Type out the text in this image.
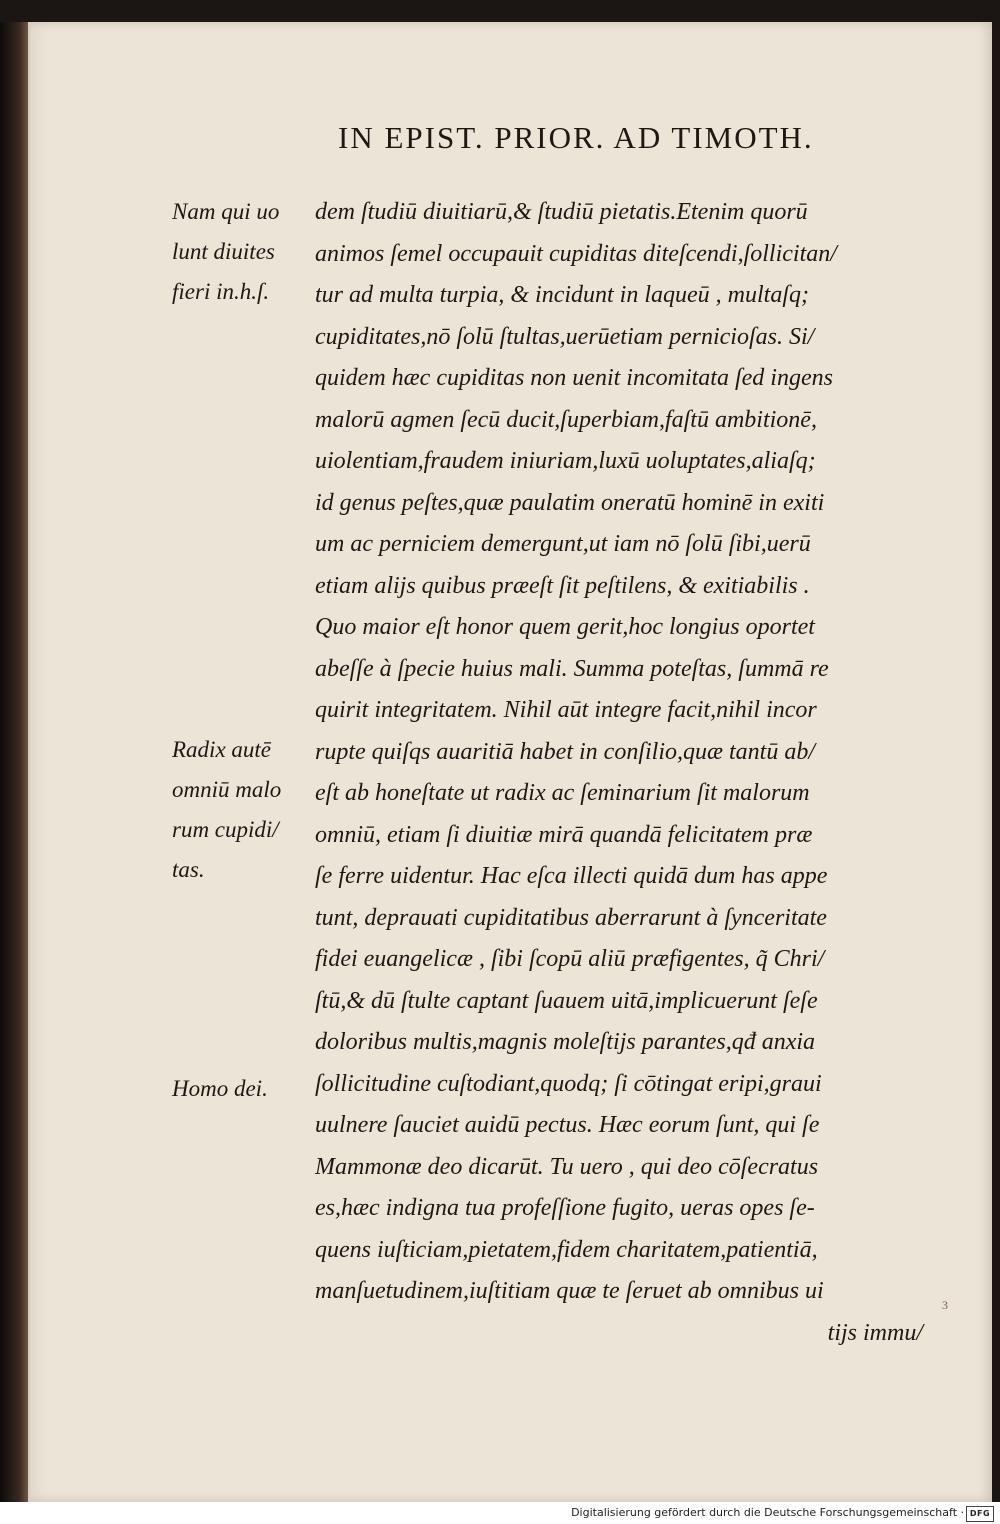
IN EPIST. PRIOR. AD TIMOTH.
Nam qui uo
lunt diuites
fieri in.h.ſ.
Radix autē
omniū malo
rum cupidi/
tas.
Homo dei.
dem ſtudiū diuitiarū,& ſtudiū pietatis.Etenim quorū
animos ſemel occupauit cupiditas diteſcendi,ſollicitan/
tur ad multa turpia, & incidunt in laqueū , multaſq;
cupiditates,nō ſolū ſtultas,uerūetiam pernicioſas. Si/
quidem hæc cupiditas non uenit incomitata ſed ingens
malorū agmen ſecū ducit,ſuperbiam,faſtū ambitionē,
uiolentiam,fraudem iniuriam,luxū uoluptates,aliaſq;
id genus peſtes,quæ paulatim oneratū hominē in exiti
um ac perniciem demergunt,ut iam nō ſolū ſibi,uerū
etiam alijs quibus præeſt ſit peſtilens, & exitiabilis .
Quo maior eſt honor quem gerit,hoc longius oportet
abeſſe à ſpecie huius mali. Summa poteſtas, ſummā re
quirit integritatem. Nihil aūt integre facit,nihil incor
rupte quiſqs auaritiā habet in conſilio,quæ tantū ab/
eſt ab honeſtate ut radix ac ſeminarium ſit malorum
omniū, etiam ſi diuitiæ mirā quandā felicitatem præ
ſe ferre uidentur. Hac eſca illecti quidā dum has appe
tunt, deprauati cupiditatibus aberrarunt à ſynceritate
fidei euangelicæ , ſibi ſcopū aliū præfigentes, q̃ Chri/
ſtū,& dū ſtulte captant ſuauem uitā,implicuerunt ſeſe
doloribus multis,magnis moleſtijs parantes,qđ anxia
ſollicitudine cuſtodiant,quodq; ſi cōtingat eripi,graui
uulnere ſauciet auidū pectus. Hæc eorum ſunt, qui ſe
Mammonæ deo dicarūt. Tu uero , qui deo cōſecratus
es,hæc indigna tua profeſſione fugito, ueras opes ſe-
quens iuſticiam,pietatem,fidem charitatem,patientiā,
manſuetudinem,iuſtitiam quæ te ſeruet ab omnibus ui
tijs immu/
3
Digitalisierung gefördert durch die Deutsche Forschungsgemeinschaft · DFG
